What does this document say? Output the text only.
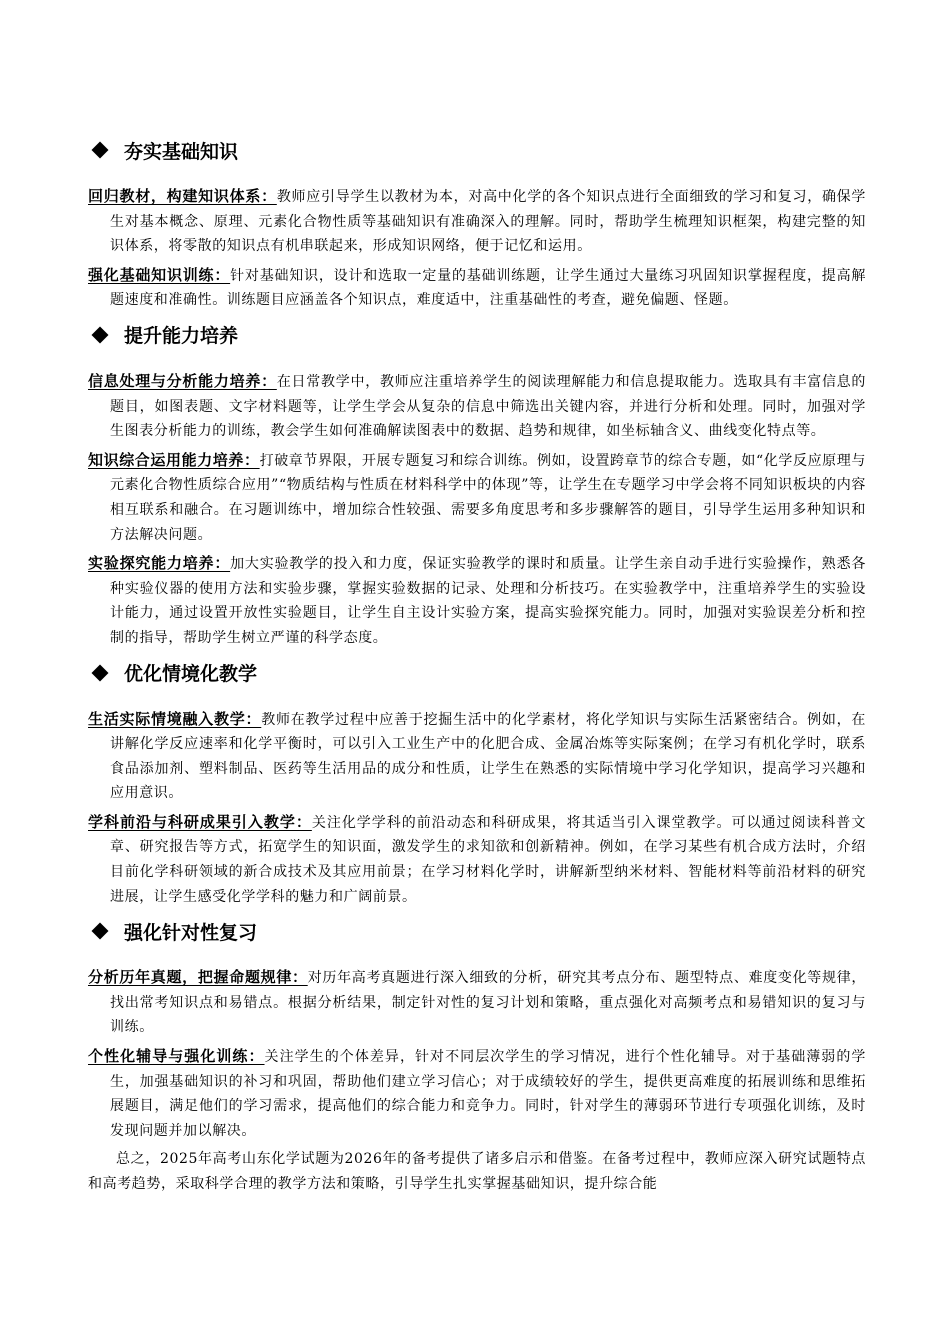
夯实基础知识

回归教材，构建知识体系：教师应引导学生以教材为本，对高中化学的各个知识点进行全面细致的学习和复习，确保学生对基本概念、原理、元素化合物性质等基础知识有准确深入的理解。同时，帮助学生梳理知识框架，构建完整的知识体系，将零散的知识点有机串联起来，形成知识网络，便于记忆和运用。

强化基础知识训练：针对基础知识，设计和选取一定量的基础训练题，让学生通过大量练习巩固知识掌握程度，提高解题速度和准确性。训练题目应涵盖各个知识点，难度适中，注重基础性的考查，避免偏题、怪题。

提升能力培养

信息处理与分析能力培养：在日常教学中，教师应注重培养学生的阅读理解能力和信息提取能力。选取具有丰富信息的题目，如图表题、文字材料题等，让学生学会从复杂的信息中筛选出关键内容，并进行分析和处理。同时，加强对学生图表分析能力的训练，教会学生如何准确解读图表中的数据、趋势和规律，如坐标轴含义、曲线变化特点等。

知识综合运用能力培养：打破章节界限，开展专题复习和综合训练。例如，设置跨章节的综合专题，如“化学反应原理与元素化合物性质综合应用”“物质结构与性质在材料科学中的体现”等，让学生在专题学习中学会将不同知识板块的内容相互联系和融合。在习题训练中，增加综合性较强、需要多角度思考和多步骤解答的题目，引导学生运用多种知识和方法解决问题。

实验探究能力培养：加大实验教学的投入和力度，保证实验教学的课时和质量。让学生亲自动手进行实验操作，熟悉各种实验仪器的使用方法和实验步骤，掌握实验数据的记录、处理和分析技巧。在实验教学中，注重培养学生的实验设计能力，通过设置开放性实验题目，让学生自主设计实验方案，提高实验探究能力。同时，加强对实验误差分析和控制的指导，帮助学生树立严谨的科学态度。

优化情境化教学

生活实际情境融入教学：教师在教学过程中应善于挖掘生活中的化学素材，将化学知识与实际生活紧密结合。例如，在讲解化学反应速率和化学平衡时，可以引入工业生产中的化肥合成、金属冶炼等实际案例；在学习有机化学时，联系食品添加剂、塑料制品、医药等生活用品的成分和性质，让学生在熟悉的实际情境中学习化学知识，提高学习兴趣和应用意识。

学科前沿与科研成果引入教学：关注化学学科的前沿动态和科研成果，将其适当引入课堂教学。可以通过阅读科普文章、研究报告等方式，拓宽学生的知识面，激发学生的求知欲和创新精神。例如，在学习某些有机合成方法时，介绍目前化学科研领域的新合成技术及其应用前景；在学习材料化学时，讲解新型纳米材料、智能材料等前沿材料的研究进展，让学生感受化学学科的魅力和广阔前景。

强化针对性复习

分析历年真题，把握命题规律：对历年高考真题进行深入细致的分析，研究其考点分布、题型特点、难度变化等规律，找出常考知识点和易错点。根据分析结果，制定针对性的复习计划和策略，重点强化对高频考点和易错知识的复习与训练。

个性化辅导与强化训练：关注学生的个体差异，针对不同层次学生的学习情况，进行个性化辅导。对于基础薄弱的学生，加强基础知识的补习和巩固，帮助他们建立学习信心；对于成绩较好的学生，提供更高难度的拓展训练和思维拓展题目，满足他们的学习需求，提高他们的综合能力和竞争力。同时，针对学生的薄弱环节进行专项强化训练，及时发现问题并加以解决。

总之，2025年高考山东化学试题为2026年的备考提供了诸多启示和借鉴。在备考过程中，教师应深入研究试题特点和高考趋势，采取科学合理的教学方法和策略，引导学生扎实掌握基础知识，提升综合能
